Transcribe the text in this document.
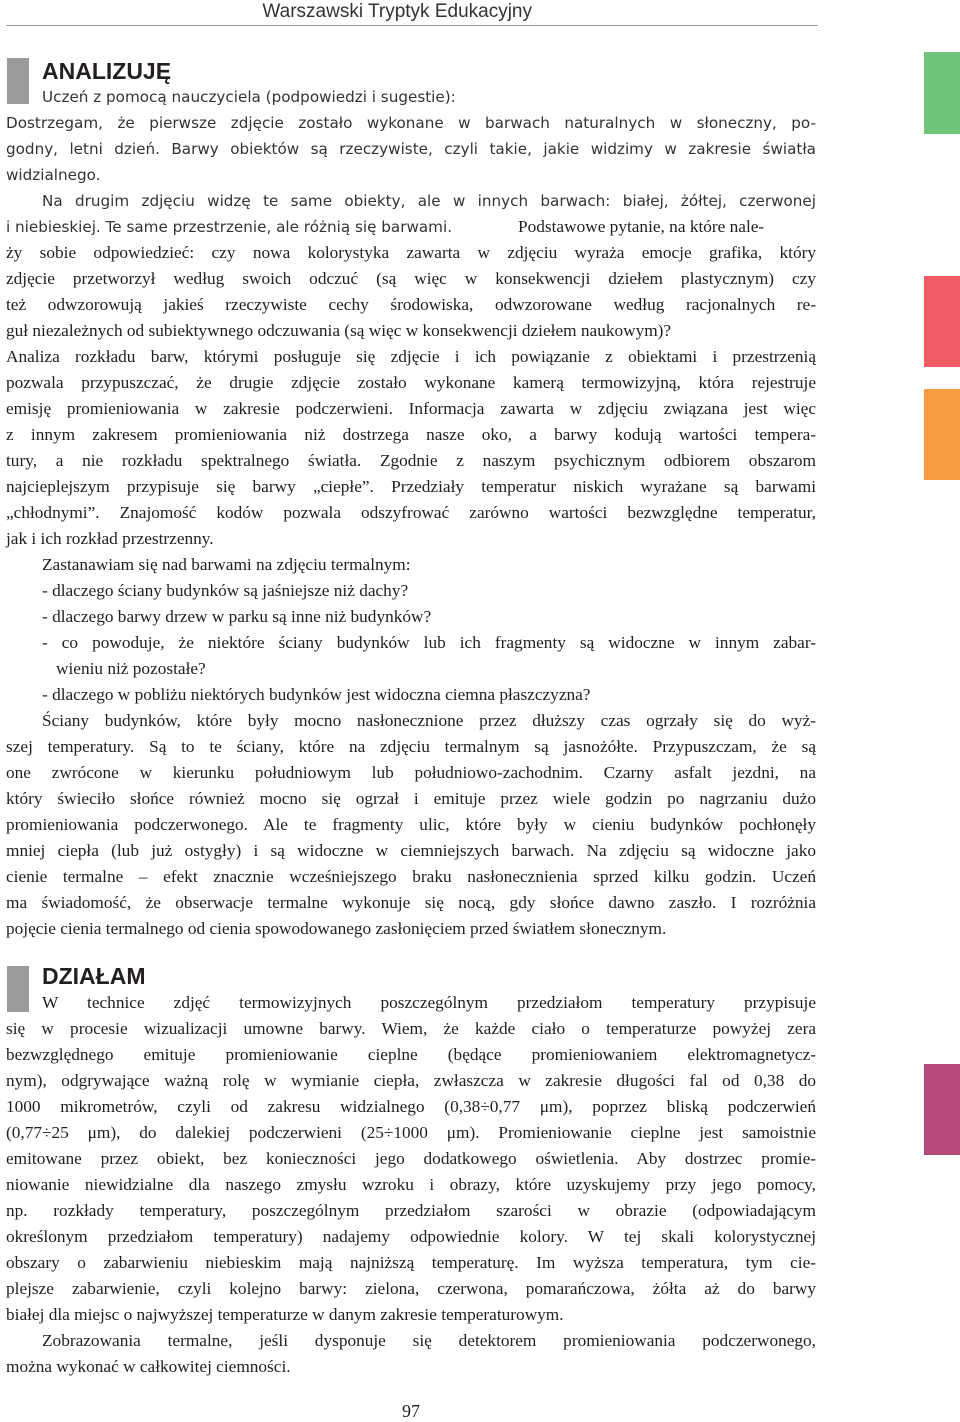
Warszawski Tryptyk Edukacyjny
ANALIZUJĘ
Uczeń z pomocą nauczyciela (podpowiedzi i sugestie):
Dostrzegam, że pierwsze zdjęcie zostało wykonane w barwach naturalnych w słoneczny, po-
godny, letni dzień. Barwy obiektów są rzeczywiste, czyli takie, jakie widzimy w zakresie światła
widzialnego.
Na drugim zdjęciu widzę te same obiekty, ale w innych barwach: białej, żółtej, czerwonej
i niebieskiej. Te same przestrzenie, ale różnią się barwami.	Podstawowe pytanie, na które nale-
ży sobie odpowiedzieć: czy nowa kolorystyka zawarta w zdjęciu wyraża emocje grafika, który
zdjęcie przetworzył według swoich odczuć (są więc w konsekwencji dziełem plastycznym) czy
też odwzorowują jakieś rzeczywiste cechy środowiska, odwzorowane według racjonalnych re-
guł niezależnych od subiektywnego odczuwania (są więc w konsekwencji dziełem naukowym)?
Analiza rozkładu barw, którymi posługuje się zdjęcie i ich powiązanie z obiektami i przestrzenią
pozwala przypuszczać, że drugie zdjęcie zostało wykonane kamerą termowizyjną, która rejestruje
emisję promieniowania w zakresie podczerwieni. Informacja zawarta w zdjęciu związana jest więc
z innym zakresem promieniowania niż dostrzega nasze oko, a barwy kodują wartości tempera-
tury, a nie rozkładu spektralnego światła. Zgodnie z naszym psychicznym odbiorem obszarom
najcieplejszym przypisuje się barwy „ciepłe”. Przedziały temperatur niskich wyrażane są barwami
„chłodnymi”. Znajomość kodów pozwala odszyfrować zarówno wartości bezwzględne temperatur,
jak i ich rozkład przestrzenny.
Zastanawiam się nad barwami na zdjęciu termalnym:
- dlaczego ściany budynków są jaśniejsze niż dachy?
- dlaczego barwy drzew w parku są inne niż budynków?
- co powoduje, że niektóre ściany budynków lub ich fragmenty są widoczne w innym zabar-
wieniu niż pozostałe?
- dlaczego w pobliżu niektórych budynków jest widoczna ciemna płaszczyzna?
Ściany budynków, które były mocno nasłonecznione przez dłuższy czas ogrzały się do wyż-
szej temperatury. Są to te ściany, które na zdjęciu termalnym są jasnożółte. Przypuszczam, że są
one zwrócone w kierunku południowym lub południowo-zachodnim. Czarny asfalt jezdni, na
który świeciło słońce również mocno się ogrzał i emituje przez wiele godzin po nagrzaniu dużo
promieniowania podczerwonego. Ale te fragmenty ulic, które były w cieniu budynków pochłonęły
mniej ciepła (lub już ostygły) i są widoczne w ciemniejszych barwach. Na zdjęciu są widoczne jako
cienie termalne – efekt znacznie wcześniejszego braku nasłonecznienia sprzed kilku godzin. Uczeń
ma świadomość, że obserwacje termalne wykonuje się nocą, gdy słońce dawno zaszło. I rozróżnia
pojęcie cienia termalnego od cienia spowodowanego zasłonięciem przed światłem słonecznym.
DZIAŁAM
W technice zdjęć termowizyjnych poszczególnym przedziałom temperatury przypisuje
się w procesie wizualizacji umowne barwy. Wiem, że każde ciało o temperaturze powyżej zera
bezwzględnego emituje promieniowanie cieplne (będące promieniowaniem elektromagnetycz-
nym), odgrywające ważną rolę w wymianie ciepła, zwłaszcza w zakresie długości fal od 0,38 do
1000 mikrometrów, czyli od zakresu widzialnego (0,38÷0,77 μm), poprzez bliską podczerwień
(0,77÷25 μm), do dalekiej podczerwieni (25÷1000 μm). Promieniowanie cieplne jest samoistnie
emitowane przez obiekt, bez konieczności jego dodatkowego oświetlenia. Aby dostrzec promie-
niowanie niewidzialne dla naszego zmysłu wzroku i obrazy, które uzyskujemy przy jego pomocy,
np. rozkłady temperatury, poszczególnym przedziałom szarości w obrazie (odpowiadającym
określonym przedziałom temperatury) nadajemy odpowiednie kolory. W tej skali kolorystycznej
obszary o zabarwieniu niebieskim mają najniższą temperaturę. Im wyższa temperatura, tym cie-
plejsze zabarwienie, czyli kolejno barwy: zielona, czerwona, pomarańczowa, żółta aż do barwy
białej dla miejsc o najwyższej temperaturze w danym zakresie temperaturowym.
Zobrazowania termalne, jeśli dysponuje się detektorem promieniowania podczerwonego,
można wykonać w całkowitej ciemności.
97
